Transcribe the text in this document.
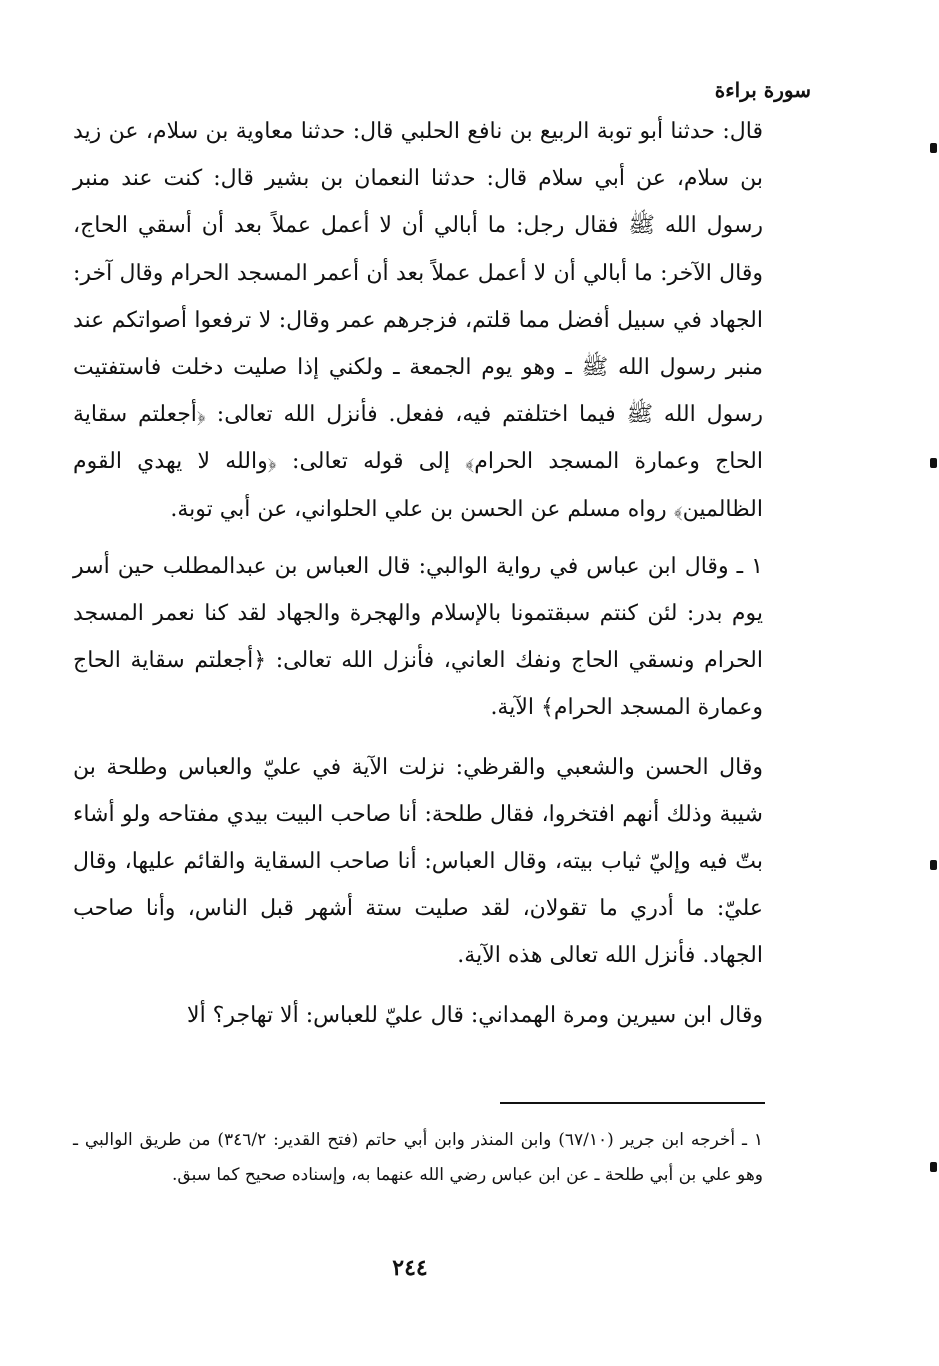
سورة براءة

قال: حدثنا أبو توبة الربيع بن نافع الحلبي قال: حدثنا معاوية بن سلام، عن زيد بن سلام، عن أبي سلام قال: حدثنا النعمان بن بشير قال: كنت عند منبر رسول الله ﷺ فقال رجل: ما أبالي أن لا أعمل عملاً بعد أن أسقي الحاج، وقال الآخر: ما أبالي أن لا أعمل عملاً بعد أن أعمر المسجد الحرام وقال آخر: الجهاد في سبيل أفضل مما قلتم، فزجرهم عمر وقال: لا ترفعوا أصواتكم عند منبر رسول الله ﷺ ـ وهو يوم الجمعة ـ ولكني إذا صليت دخلت فاستفتيت رسول الله ﷺ فيما اختلفتم فيه، ففعل. فأنزل الله تعالى: ﴿أجعلتم سقاية الحاج وعمارة المسجد الحرام﴾ إلى قوله تعالى: ﴿والله لا يهدي القوم الظالمين﴾ رواه مسلم عن الحسن بن علي الحلواني، عن أبي توبة.

١ ـ وقال ابن عباس في رواية الوالبي: قال العباس بن عبدالمطلب حين أسر يوم بدر: لئن كنتم سبقتمونا بالإسلام والهجرة والجهاد لقد كنا نعمر المسجد الحرام ونسقي الحاج ونفك العاني، فأنزل الله تعالى: ﴿أجعلتم سقاية الحاج وعمارة المسجد الحرام﴾ الآية.

وقال الحسن والشعبي والقرظي: نزلت الآية في عليّ والعباس وطلحة بن شيبة وذلك أنهم افتخروا، فقال طلحة: أنا صاحب البيت بيدي مفتاحه ولو أشاء بتّ فيه وإليّ ثياب بيته، وقال العباس: أنا صاحب السقاية والقائم عليها، وقال عليّ: ما أدري ما تقولان، لقد صليت ستة أشهر قبل الناس، وأنا صاحب الجهاد. فأنزل الله تعالى هذه الآية.

وقال ابن سيرين ومرة الهمداني: قال عليّ للعباس: ألا تهاجر؟ ألا

١ ـ أخرجه ابن جرير (٦٧/١٠) وابن المنذر وابن أبي حاتم (فتح القدير: ٣٤٦/٢) من طريق الوالبي ـ وهو علي بن أبي طلحة ـ عن ابن عباس رضي الله عنهما به، وإسناده صحيح كما سبق.

٢٤٤
